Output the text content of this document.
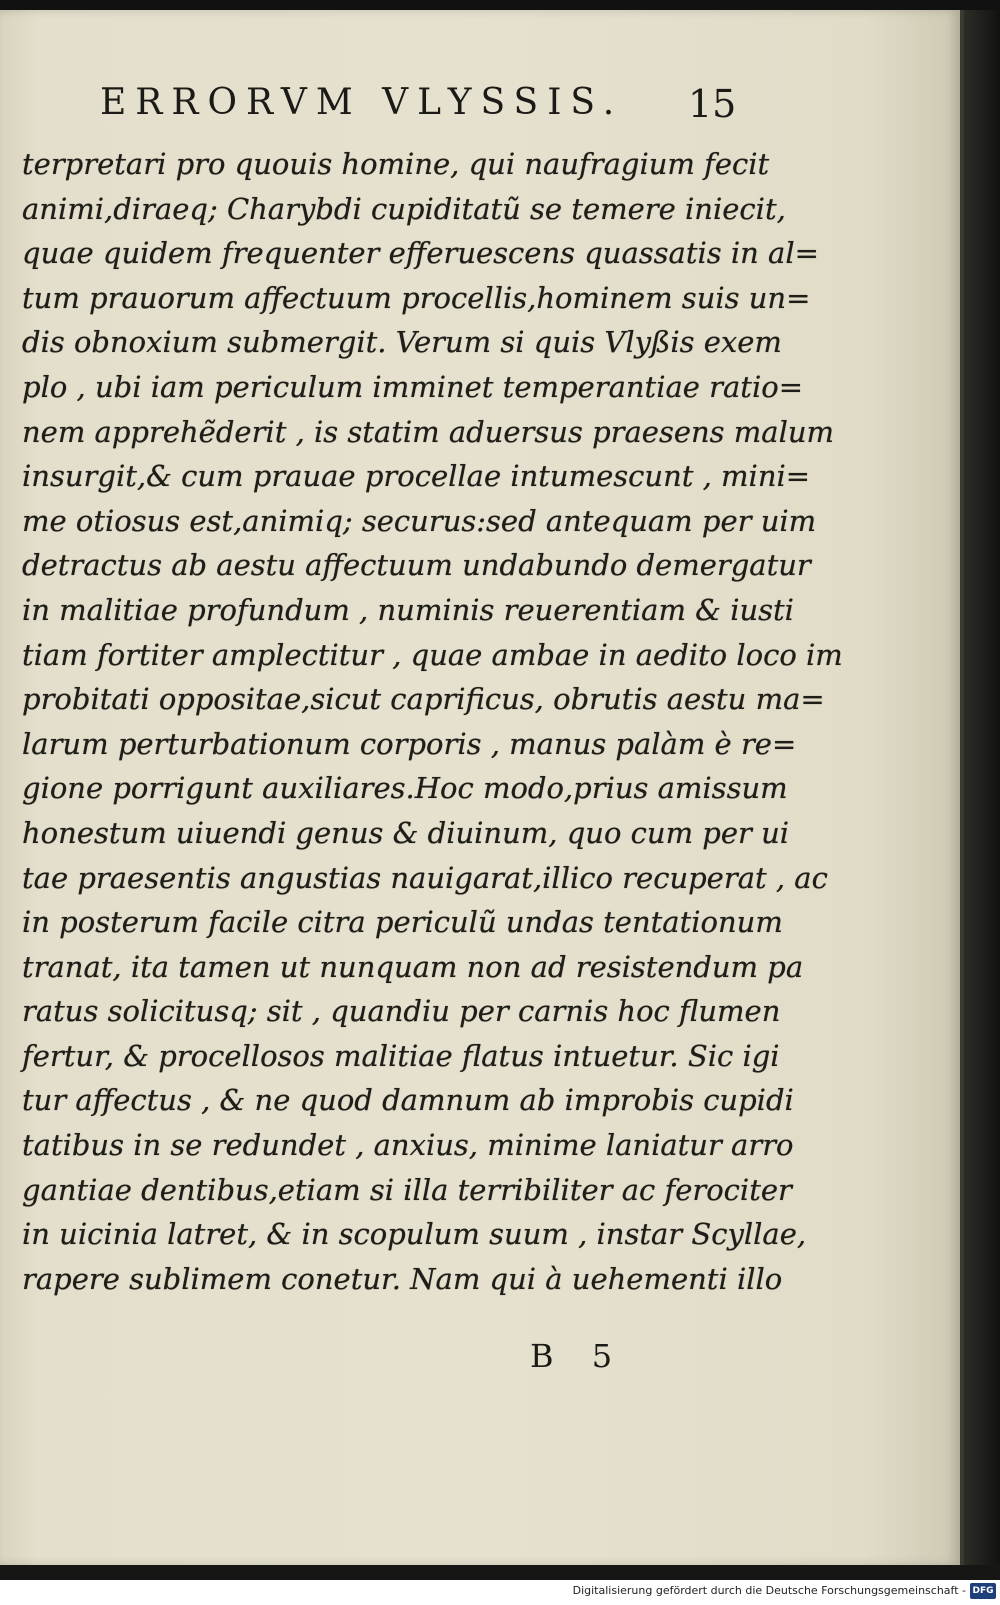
ERRORVM VLYSSIS. 15
terpretari pro quouis homine, qui naufragium fecit
animi,diraeq; Charybdi cupiditatũ se temere iniecit,
quae quidem frequenter efferuescens quassatis in al=
tum prauorum affectuum procellis,hominem suis un=
dis obnoxium submergit. Verum si quis Vlyßis exem
plo , ubi iam periculum imminet temperantiae ratio=
nem apprehẽderit , is statim aduersus praesens malum
insurgit,& cum prauae procellae intumescunt , mini=
me otiosus est,animiq; securus:sed antequam per uim
detractus ab aestu affectuum undabundo demergatur
in malitiae profundum , numinis reuerentiam & iusti
tiam fortiter amplectitur , quae ambae in aedito loco im
probitati oppositae,sicut caprificus, obrutis aestu ma=
larum perturbationum corporis , manus palàm è re=
gione porrigunt auxiliares.Hoc modo,prius amissum
honestum uiuendi genus & diuinum, quo cum per ui
tae praesentis angustias nauigarat,illico recuperat , ac
in posterum facile citra periculũ undas tentationum
tranat, ita tamen ut nunquam non ad resistendum pa
ratus solicitusq; sit , quandiu per carnis hoc flumen
fertur, & procellosos malitiae flatus intuetur. Sic igi
tur affectus , & ne quod damnum ab improbis cupidi
tatibus in se redundet , anxius, minime laniatur arro
gantiae dentibus,etiam si illa terribiliter ac ferociter
in uicinia latret, & in scopulum suum , instar Scyllae,
rapere sublimem conetur. Nam qui à uehementi illo
B 5
Digitalisierung gefördert durch die Deutsche Forschungsgemeinschaft - DFG
